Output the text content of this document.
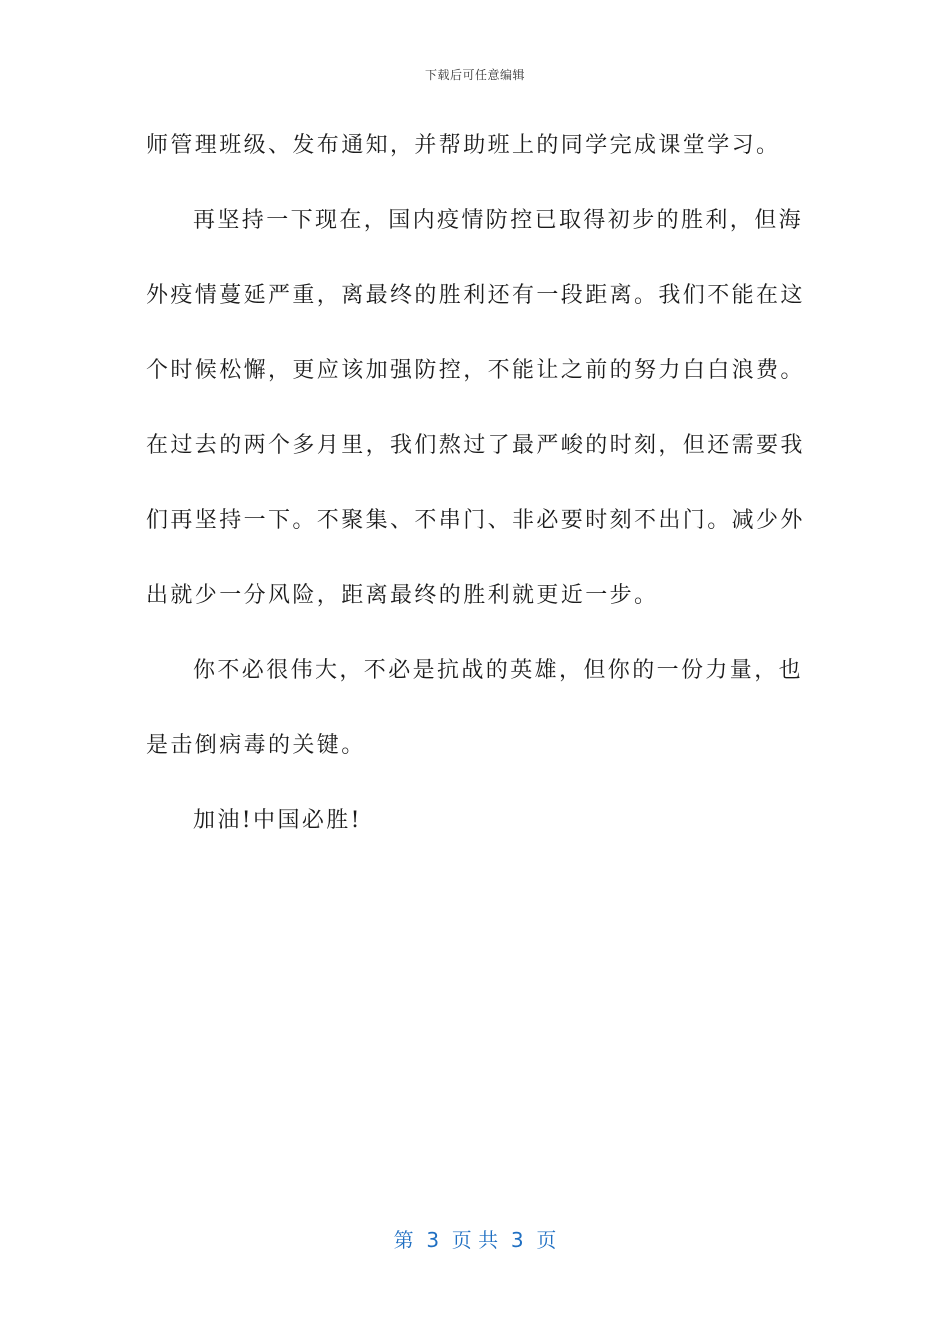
下载后可任意编辑
师管理班级、发布通知，并帮助班上的同学完成课堂学习。
再坚持一下现在，国内疫情防控已取得初步的胜利，但海
外疫情蔓延严重，离最终的胜利还有一段距离。我们不能在这
个时候松懈，更应该加强防控，不能让之前的努力白白浪费。
在过去的两个多月里，我们熬过了最严峻的时刻，但还需要我
们再坚持一下。不聚集、不串门、非必要时刻不出门。减少外
出就少一分风险，距离最终的胜利就更近一步。
你不必很伟大，不必是抗战的英雄，但你的一份力量，也
是击倒病毒的关键。
加油!中国必胜!
第  3  页 共  3  页
